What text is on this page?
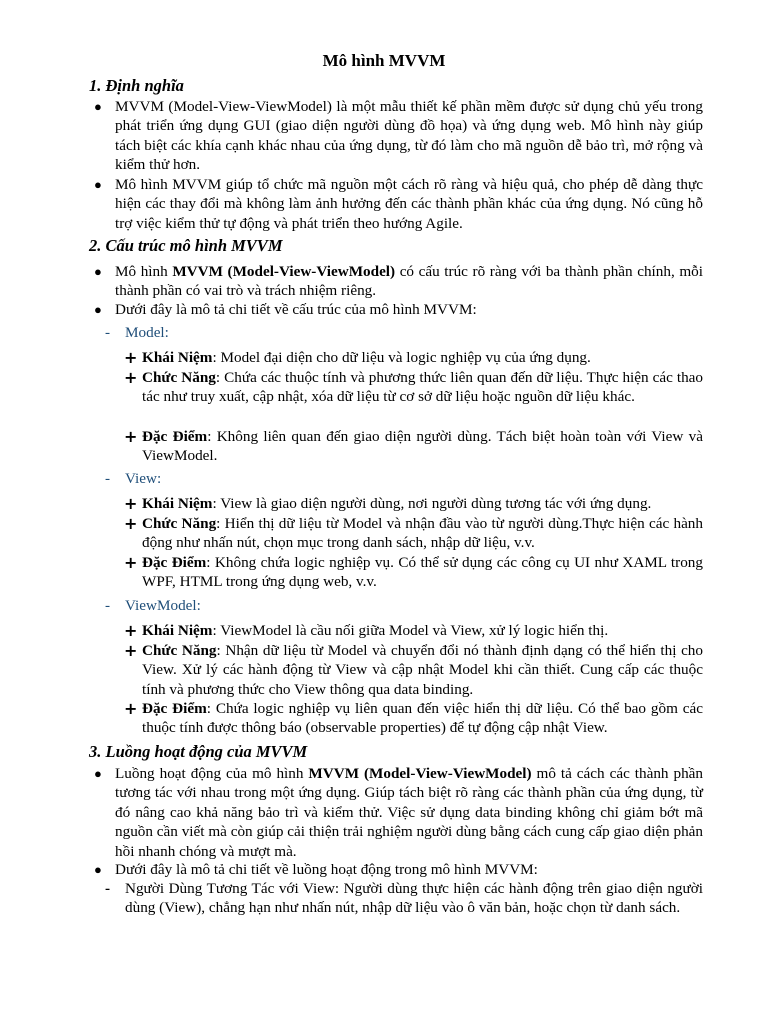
Mô hình MVVM
1. Định nghĩa
● MVVM (Model-View-ViewModel) là một mẫu thiết kế phần mềm được sử dụng chủ yếu trong phát triển ứng dụng GUI (giao diện người dùng đồ họa) và ứng dụng web. Mô hình này giúp tách biệt các khía cạnh khác nhau của ứng dụng, từ đó làm cho mã nguồn dễ bảo trì, mở rộng và kiểm thử hơn.
● Mô hình MVVM giúp tổ chức mã nguồn một cách rõ ràng và hiệu quả, cho phép dễ dàng thực hiện các thay đổi mà không làm ảnh hưởng đến các thành phần khác của ứng dụng. Nó cũng hỗ trợ việc kiểm thử tự động và phát triển theo hướng Agile.
2. Cấu trúc mô hình MVVM
● Mô hình MVVM (Model-View-ViewModel) có cấu trúc rõ ràng với ba thành phần chính, mỗi thành phần có vai trò và trách nhiệm riêng.
● Dưới đây là mô tả chi tiết về cấu trúc của mô hình MVVM:
- Model:
+ Khái Niệm: Model đại diện cho dữ liệu và logic nghiệp vụ của ứng dụng.
+ Chức Năng: Chứa các thuộc tính và phương thức liên quan đến dữ liệu. Thực hiện các thao tác như truy xuất, cập nhật, xóa dữ liệu từ cơ sở dữ liệu hoặc nguồn dữ liệu khác.
+ Đặc Điểm: Không liên quan đến giao diện người dùng. Tách biệt hoàn toàn với View và ViewModel.
- View:
+ Khái Niệm: View là giao diện người dùng, nơi người dùng tương tác với ứng dụng.
+ Chức Năng: Hiển thị dữ liệu từ Model và nhận đầu vào từ người dùng.Thực hiện các hành động như nhấn nút, chọn mục trong danh sách, nhập dữ liệu, v.v.
+ Đặc Điểm: Không chứa logic nghiệp vụ. Có thể sử dụng các công cụ UI như XAML trong WPF, HTML trong ứng dụng web, v.v.
- ViewModel:
+ Khái Niệm: ViewModel là cầu nối giữa Model và View, xử lý logic hiển thị.
+ Chức Năng: Nhận dữ liệu từ Model và chuyển đổi nó thành định dạng có thể hiển thị cho View. Xử lý các hành động từ View và cập nhật Model khi cần thiết. Cung cấp các thuộc tính và phương thức cho View thông qua data binding.
+ Đặc Điểm: Chứa logic nghiệp vụ liên quan đến việc hiển thị dữ liệu. Có thể bao gồm các thuộc tính được thông báo (observable properties) để tự động cập nhật View.
3. Luồng hoạt động của MVVM
● Luồng hoạt động của mô hình MVVM (Model-View-ViewModel) mô tả cách các thành phần tương tác với nhau trong một ứng dụng. Giúp tách biệt rõ ràng các thành phần của ứng dụng, từ đó nâng cao khả năng bảo trì và kiểm thử. Việc sử dụng data binding không chỉ giảm bớt mã nguồn cần viết mà còn giúp cải thiện trải nghiệm người dùng bằng cách cung cấp giao diện phản hồi nhanh chóng và mượt mà.
● Dưới đây là mô tả chi tiết về luồng hoạt động trong mô hình MVVM:
- Người Dùng Tương Tác với View: Người dùng thực hiện các hành động trên giao diện người dùng (View), chẳng hạn như nhấn nút, nhập dữ liệu vào ô văn bản, hoặc chọn từ danh sách.
